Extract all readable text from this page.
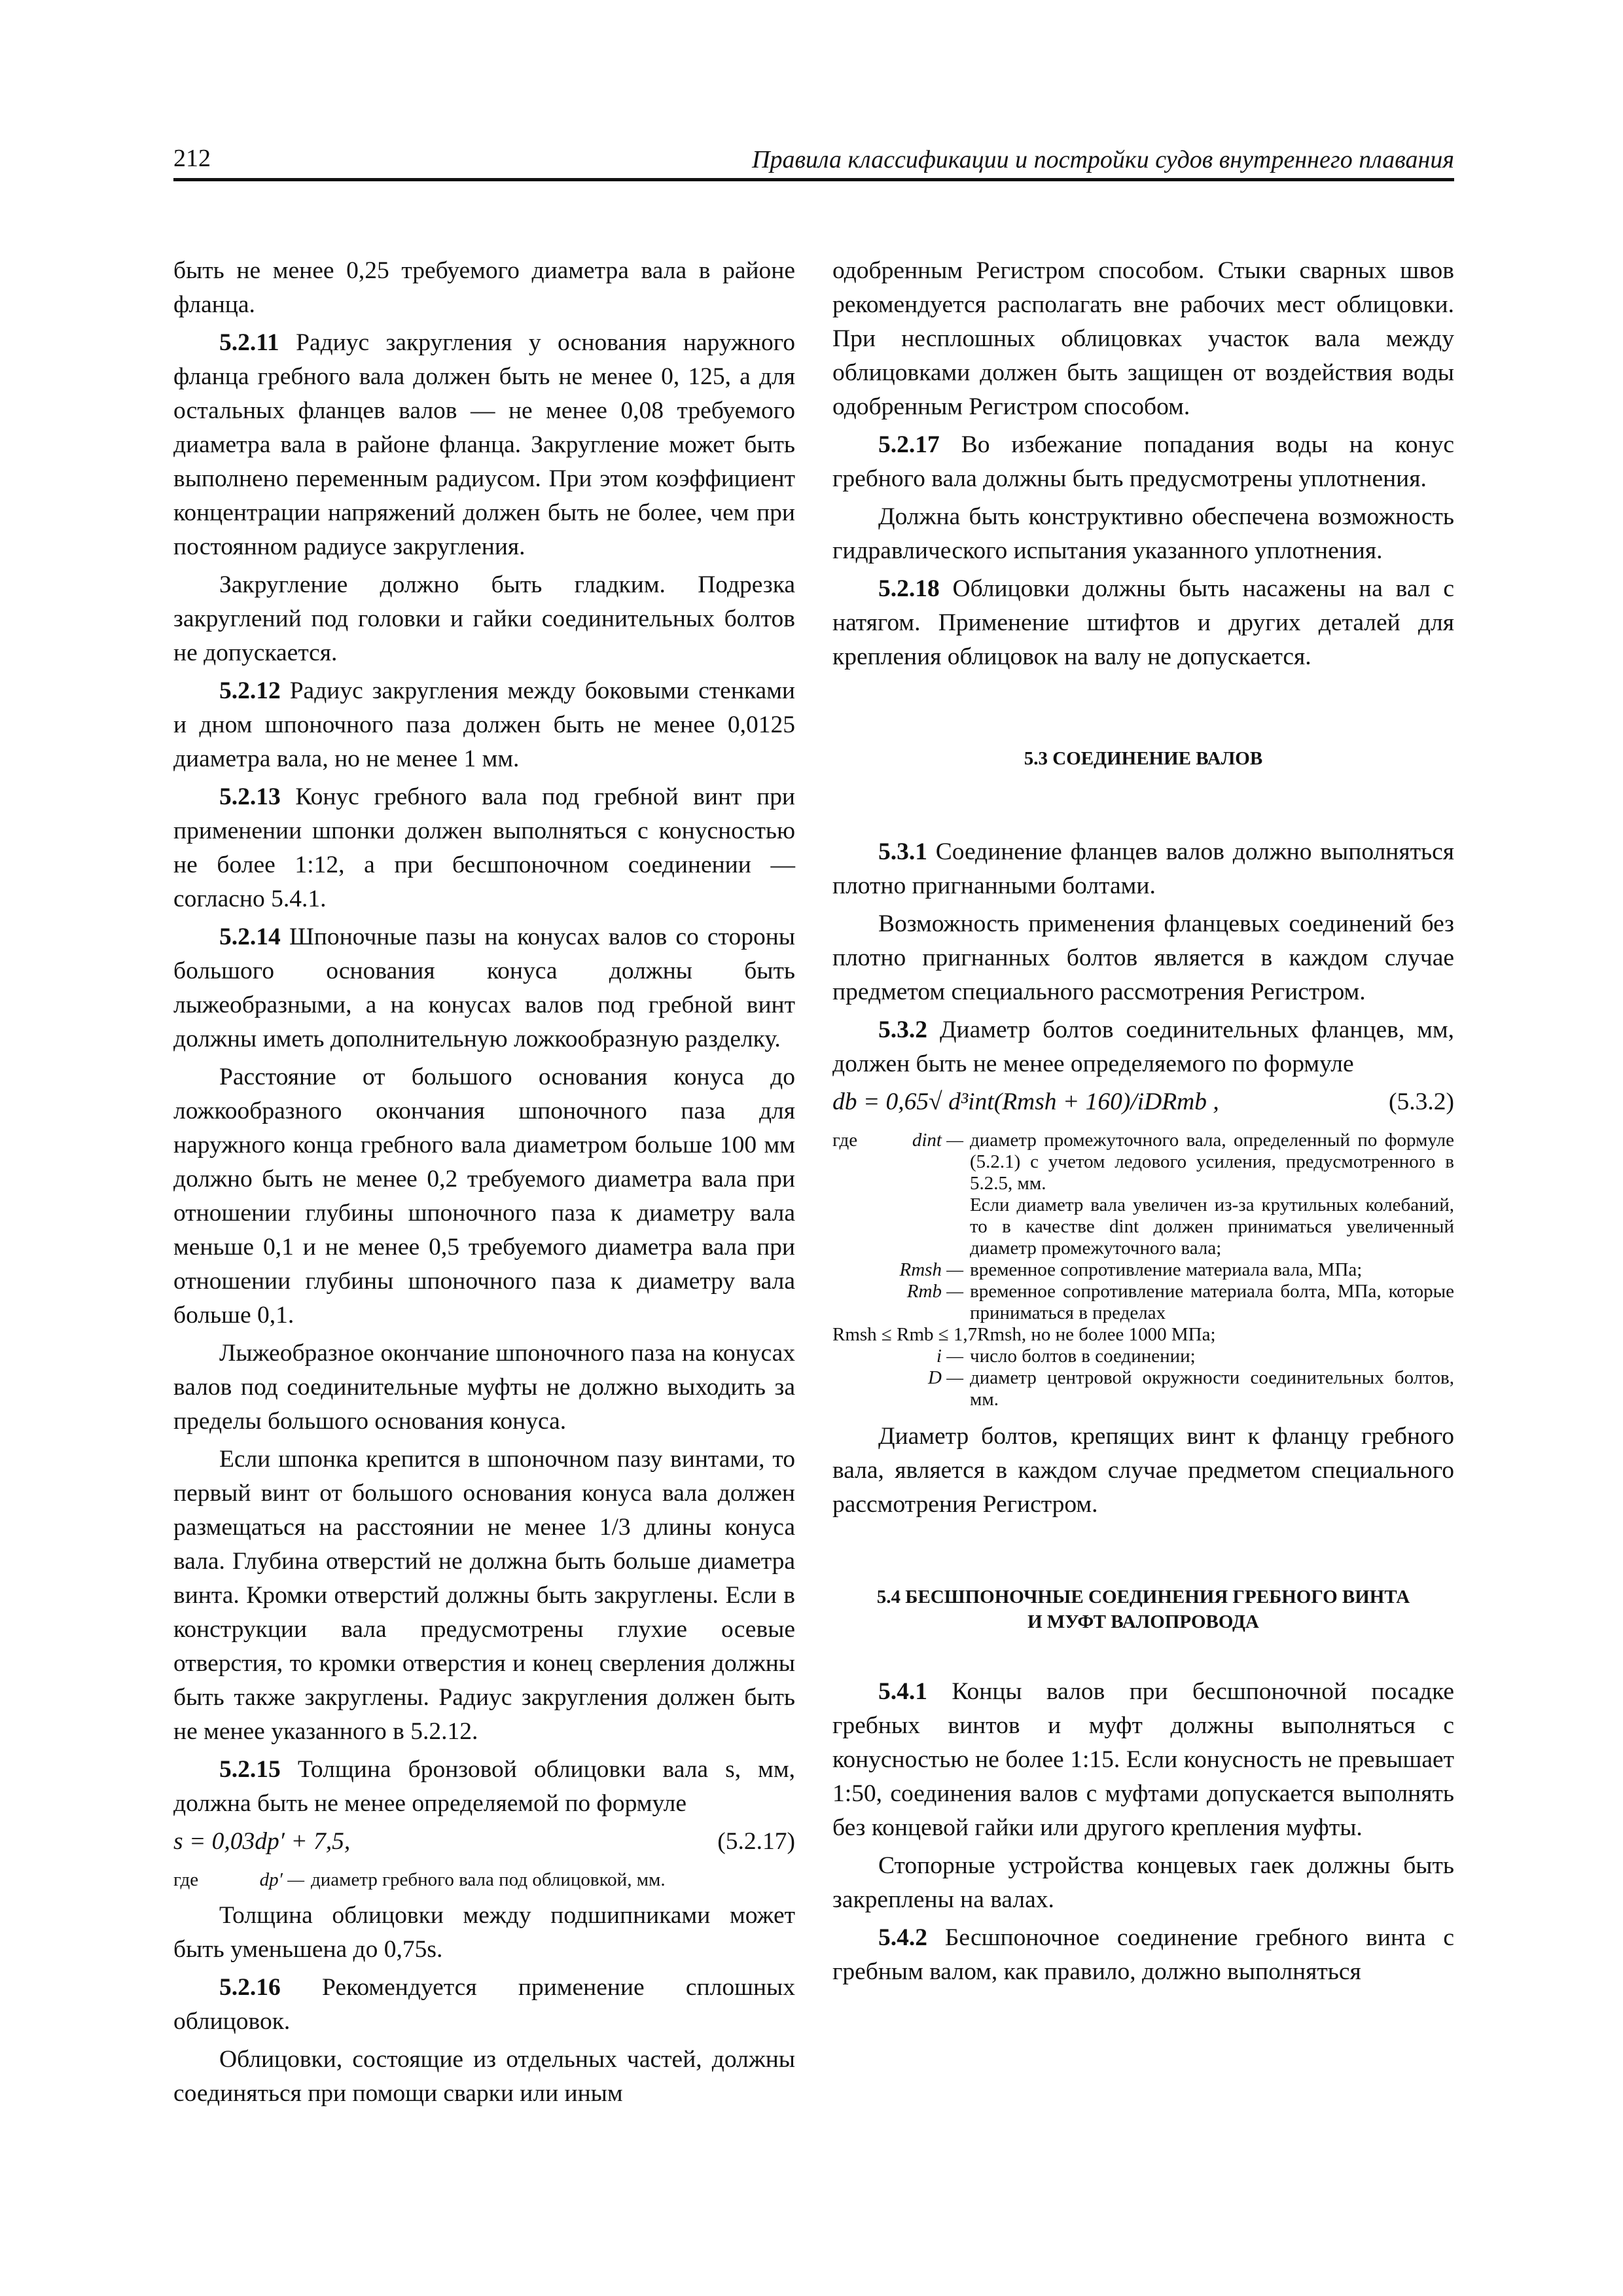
212	Правила классификации и постройки судов внутреннего плавания

быть не менее 0,25 требуемого диаметра вала в районе фланца.

5.2.11 Радиус закругления у основания наружного фланца гребного вала должен быть не менее 0, 125, а для остальных фланцев валов — не менее 0,08 требуемого диаметра вала в районе фланца. Закругление может быть выполнено переменным радиусом. При этом коэффициент концентрации напряжений должен быть не более, чем при постоянном радиусе закругления.

Закругление должно быть гладким. Подрезка закруглений под головки и гайки соединительных болтов не допускается.

5.2.12 Радиус закругления между боковыми стенками и дном шпоночного паза должен быть не менее 0,0125 диаметра вала, но не менее 1 мм.

5.2.13 Конус гребного вала под гребной винт при применении шпонки должен выполняться с конусностью не более 1:12, а при бесшпоночном соединении — согласно 5.4.1.

5.2.14 Шпоночные пазы на конусах валов со стороны большого основания конуса должны быть лыжеобразными, а на конусах валов под гребной винт должны иметь дополнительную ложкообразную разделку.

Расстояние от большого основания конуса до ложкообразного окончания шпоночного паза для наружного конца гребного вала диаметром больше 100 мм должно быть не менее 0,2 требуемого диаметра вала при отношении глубины шпоночного паза к диаметру вала меньше 0,1 и не менее 0,5 требуемого диаметра вала при отношении глубины шпоночного паза к диаметру вала больше 0,1.

Лыжеобразное окончание шпоночного паза на конусах валов под соединительные муфты не должно выходить за пределы большого основания конуса.

Если шпонка крепится в шпоночном пазу винтами, то первый винт от большого основания конуса вала должен размещаться на расстоянии не менее 1/3 длины конуса вала. Глубина отверстий не должна быть больше диаметра винта. Кромки отверстий должны быть закруглены. Если в конструкции вала предусмотрены глухие осевые отверстия, то кромки отверстия и конец сверления должны быть также закруглены. Радиус закругления должен быть не менее указанного в 5.2.12.

5.2.15 Толщина бронзовой облицовки вала s, мм, должна быть не менее определяемой по формуле

s = 0,03dp′ + 7,5,	(5.2.17)
где	dp′ — диаметр гребного вала под облицовкой, мм.

Толщина облицовки между подшипниками может быть уменьшена до 0,75s.

5.2.16 Рекомендуется применение сплошных облицовок.

Облицовки, состоящие из отдельных частей, должны соединяться при помощи сварки или иным

одобренным Регистром способом. Стыки сварных швов рекомендуется располагать вне рабочих мест облицовки. При несплошных облицовках участок вала между облицовками должен быть защищен от воздействия воды одобренным Регистром способом.

5.2.17 Во избежание попадания воды на конус гребного вала должны быть предусмотрены уплотнения.

Должна быть конструктивно обеспечена возможность гидравлического испытания указанного уплотнения.

5.2.18 Облицовки должны быть насажены на вал с натягом. Применение штифтов и других деталей для крепления облицовок на валу не допускается.

5.3 СОЕДИНЕНИЕ ВАЛОВ

5.3.1 Соединение фланцев валов должно выполняться плотно пригнанными болтами.

Возможность применения фланцевых соединений без плотно пригнанных болтов является в каждом случае предметом специального рассмотрения Регистром.

5.3.2 Диаметр болтов соединительных фланцев, мм, должен быть не менее определяемого по формуле

db = 0,65√ d³int(Rmsh + 160)/iDRmb ,	(5.3.2)
где	dint — диаметр промежуточного вала, определенный по формуле (5.2.1) с учетом ледового усиления, предусмотренного в 5.2.5, мм.
Если диаметр вала увеличен из-за крутильных колебаний, то в качестве dint должен приниматься увеличенный диаметр промежуточного вала;
Rmsh — временное сопротивление материала вала, МПа;
Rmb — временное сопротивление материала болта, МПа, которые приниматься в пределах
Rmsh ≤ Rmb ≤ 1,7Rmsh, но не более 1000 МПа;
i — число болтов в соединении;
D — диаметр центровой окружности соединительных болтов, мм.

Диаметр болтов, крепящих винт к фланцу гребного вала, является в каждом случае предметом специального рассмотрения Регистром.

5.4 БЕСШПОНОЧНЫЕ СОЕДИНЕНИЯ ГРЕБНОГО ВИНТА
И МУФТ ВАЛОПРОВОДА

5.4.1 Концы валов при бесшпоночной посадке гребных винтов и муфт должны выполняться с конусностью не более 1:15. Если конусность не превышает 1:50, соединения валов с муфтами допускается выполнять без концевой гайки или другого крепления муфты.

Стопорные устройства концевых гаек должны быть закреплены на валах.

5.4.2 Бесшпоночное соединение гребного винта с гребным валом, как правило, должно выполняться
